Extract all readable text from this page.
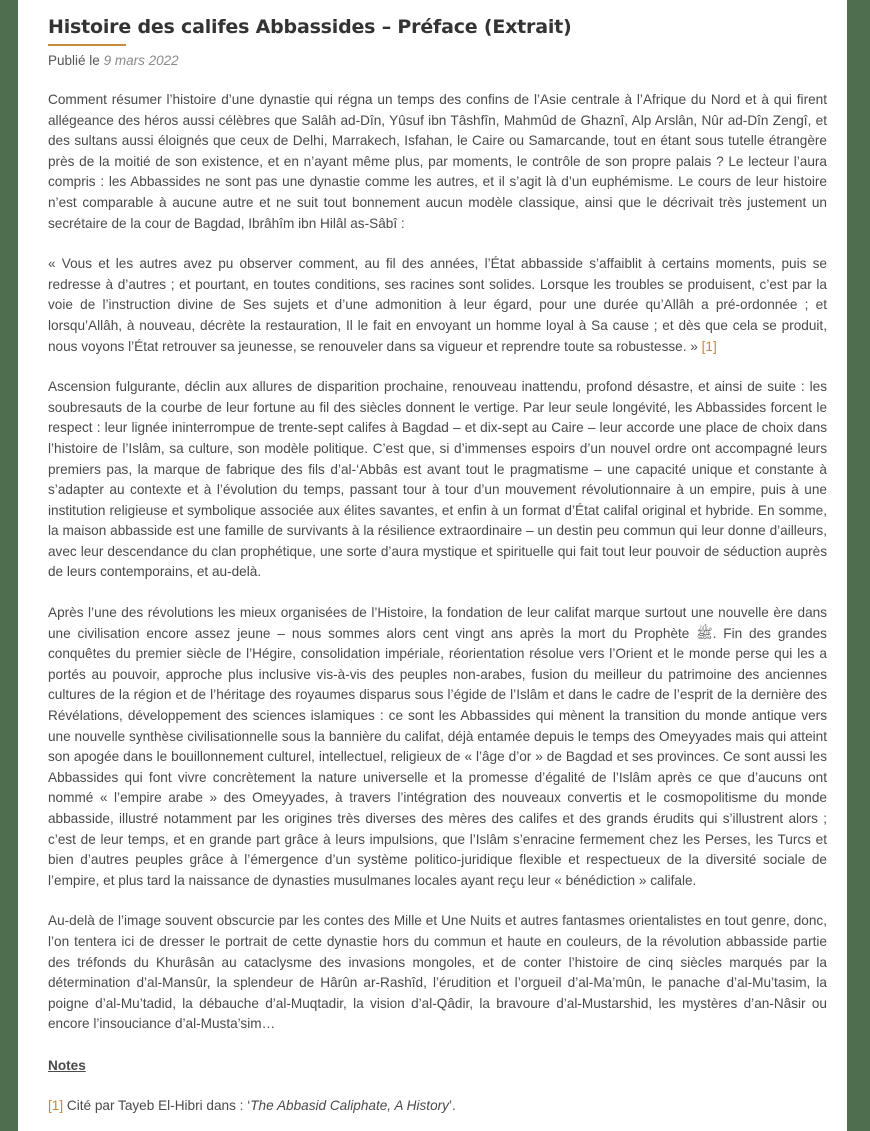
Histoire des califes Abbassides – Préface (Extrait)
Publié le 9 mars 2022

Comment résumer l’histoire d’une dynastie qui régna un temps des confins de l’Asie centrale à l’Afrique du Nord et à qui firent allégeance des héros aussi célèbres que Salâh ad-Dîn, Yûsuf ibn Tâshfîn, Mahmûd de Ghaznî, Alp Arslân, Nûr ad-Dîn Zengî, et des sultans aussi éloignés que ceux de Delhi, Marrakech, Isfahan, le Caire ou Samarcande, tout en étant sous tutelle étrangère près de la moitié de son existence, et en n’ayant même plus, par moments, le contrôle de son propre palais ? Le lecteur l’aura compris : les Abbassides ne sont pas une dynastie comme les autres, et il s’agit là d’un euphémisme. Le cours de leur histoire n’est comparable à aucune autre et ne suit tout bonnement aucun modèle classique, ainsi que le décrivait très justement un secrétaire de la cour de Bagdad, Ibrâhîm ibn Hilâl as-Sâbî :

« Vous et les autres avez pu observer comment, au fil des années, l’État abbasside s’affaiblit à certains moments, puis se redresse à d’autres ; et pourtant, en toutes conditions, ses racines sont solides. Lorsque les troubles se produisent, c’est par la voie de l’instruction divine de Ses sujets et d’une admonition à leur égard, pour une durée qu’Allâh a pré-ordonnée ; et lorsqu’Allâh, à nouveau, décrète la restauration, Il le fait en envoyant un homme loyal à Sa cause ; et dès que cela se produit, nous voyons l’État retrouver sa jeunesse, se renouveler dans sa vigueur et reprendre toute sa robustesse. » [1]

Ascension fulgurante, déclin aux allures de disparition prochaine, renouveau inattendu, profond désastre, et ainsi de suite : les soubresauts de la courbe de leur fortune au fil des siècles donnent le vertige. Par leur seule longévité, les Abbassides forcent le respect : leur lignée ininterrompue de trente-sept califes à Bagdad – et dix-sept au Caire – leur accorde une place de choix dans l’histoire de l’Islâm, sa culture, son modèle politique. C’est que, si d’immenses espoirs d’un nouvel ordre ont accompagné leurs premiers pas, la marque de fabrique des fils d’al-‘Abbâs est avant tout le pragmatisme – une capacité unique et constante à s’adapter au contexte et à l’évolution du temps, passant tour à tour d’un mouvement révolutionnaire à un empire, puis à une institution religieuse et symbolique associée aux élites savantes, et enfin à un format d’État califal original et hybride. En somme, la maison abbasside est une famille de survivants à la résilience extraordinaire – un destin peu commun qui leur donne d’ailleurs, avec leur descendance du clan prophétique, une sorte d’aura mystique et spirituelle qui fait tout leur pouvoir de séduction auprès de leurs contemporains, et au-delà.

Après l’une des révolutions les mieux organisées de l’Histoire, la fondation de leur califat marque surtout une nouvelle ère dans une civilisation encore assez jeune – nous sommes alors cent vingt ans après la mort du Prophète ﷺ. Fin des grandes conquêtes du premier siècle de l’Hégire, consolidation impériale, réorientation résolue vers l’Orient et le monde perse qui les a portés au pouvoir, approche plus inclusive vis-à-vis des peuples non-arabes, fusion du meilleur du patrimoine des anciennes cultures de la région et de l’héritage des royaumes disparus sous l’égide de l’Islâm et dans le cadre de l’esprit de la dernière des Révélations, développement des sciences islamiques : ce sont les Abbassides qui mènent la transition du monde antique vers une nouvelle synthèse civilisationnelle sous la bannière du califat, déjà entamée depuis le temps des Omeyyades mais qui atteint son apogée dans le bouillonnement culturel, intellectuel, religieux de « l’âge d’or » de Bagdad et ses provinces. Ce sont aussi les Abbassides qui font vivre concrètement la nature universelle et la promesse d’égalité de l’Islâm après ce que d’aucuns ont nommé « l’empire arabe » des Omeyyades, à travers l’intégration des nouveaux convertis et le cosmopolitisme du monde abbasside, illustré notamment par les origines très diverses des mères des califes et des grands érudits qui s’illustrent alors ; c’est de leur temps, et en grande part grâce à leurs impulsions, que l’Islâm s’enracine fermement chez les Perses, les Turcs et bien d’autres peuples grâce à l’émergence d’un système politico-juridique flexible et respectueux de la diversité sociale de l’empire, et plus tard la naissance de dynasties musulmanes locales ayant reçu leur « bénédiction » califale.

Au-delà de l’image souvent obscurcie par les contes des Mille et Une Nuits et autres fantasmes orientalistes en tout genre, donc, l’on tentera ici de dresser le portrait de cette dynastie hors du commun et haute en couleurs, de la révolution abbasside partie des tréfonds du Khurâsân au cataclysme des invasions mongoles, et de conter l’histoire de cinq siècles marqués par la détermination d’al-Mansûr, la splendeur de Hârûn ar-Rashîd, l’érudition et l’orgueil d’al-Ma’mûn, le panache d’al-Mu’tasim, la poigne d’al-Mu’tadid, la débauche d’al-Muqtadir, la vision d’al-Qâdir, la bravoure d’al-Mustarshid, les mystères d’an-Nâsir ou encore l’insouciance d’al-Musta’sim…

Notes
[1] Cité par Tayeb El-Hibri dans : ‘The Abbasid Caliphate, A History’.
